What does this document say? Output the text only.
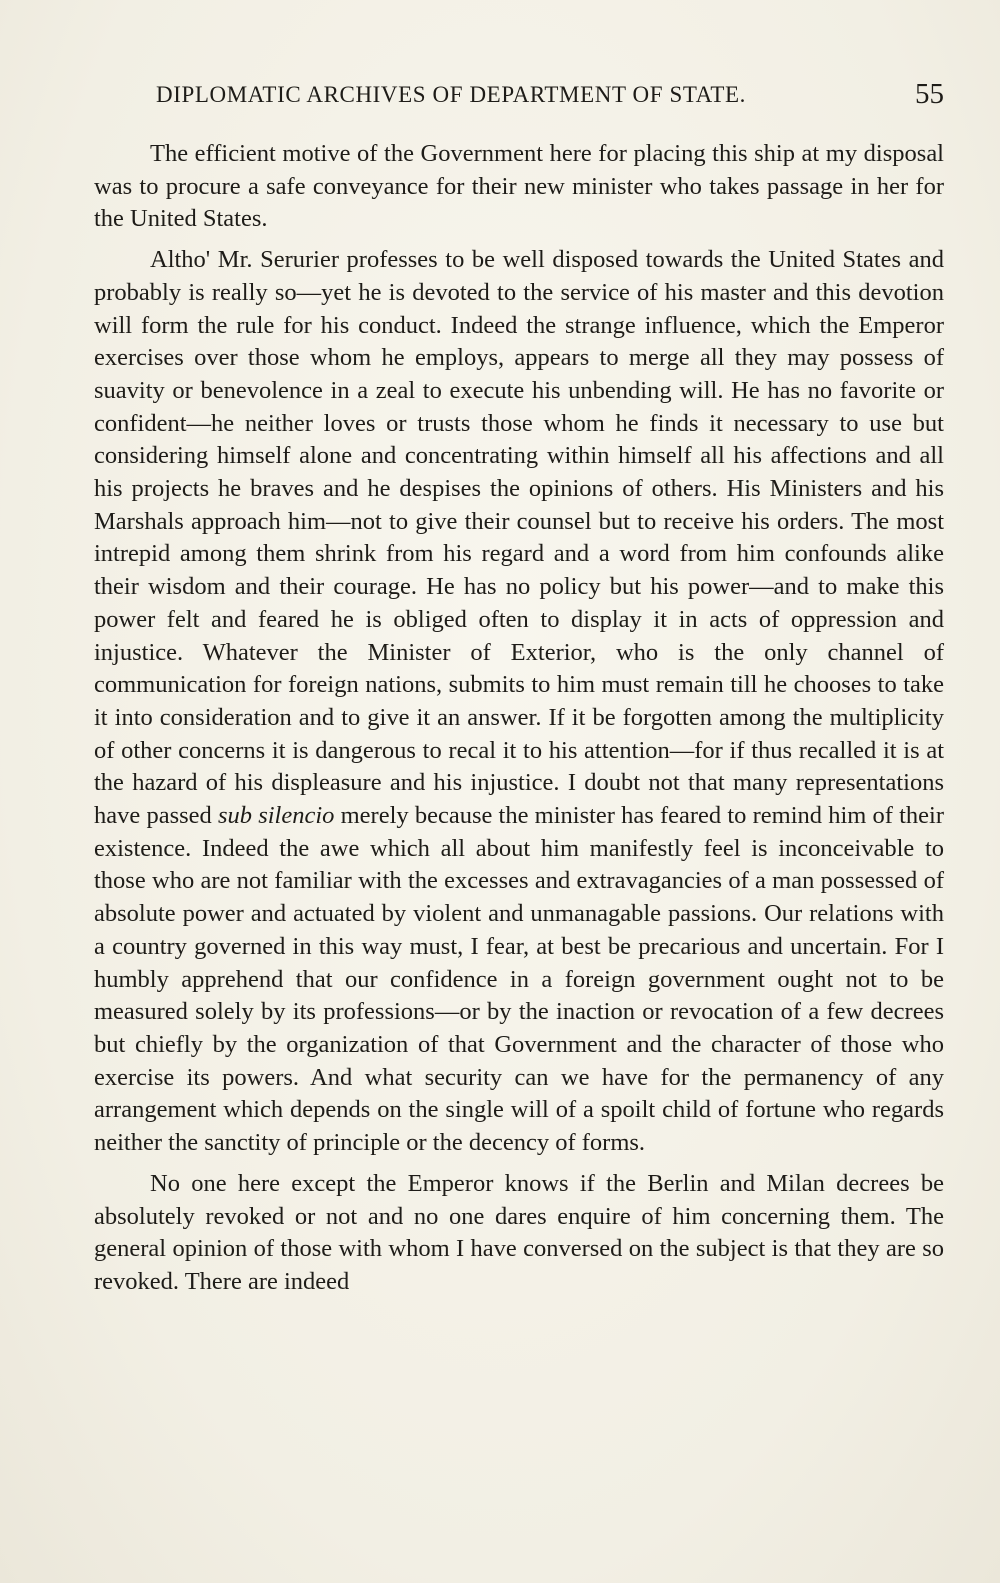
DIPLOMATIC ARCHIVES OF DEPARTMENT OF STATE.	55

The efficient motive of the Government here for placing this ship at my disposal was to procure a safe conveyance for their new minister who takes passage in her for the United States.

Altho' Mr. Serurier professes to be well disposed towards the United States and probably is really so—yet he is devoted to the service of his master and this devotion will form the rule for his conduct. Indeed the strange influence, which the Emperor exercises over those whom he employs, appears to merge all they may possess of suavity or benevolence in a zeal to execute his unbending will. He has no favorite or confident—he neither loves or trusts those whom he finds it necessary to use but considering himself alone and concentrating within himself all his affections and all his projects he braves and he despises the opinions of others. His Ministers and his Marshals approach him—not to give their counsel but to receive his orders. The most intrepid among them shrink from his regard and a word from him confounds alike their wisdom and their courage. He has no policy but his power—and to make this power felt and feared he is obliged often to display it in acts of oppression and injustice. Whatever the Minister of Exterior, who is the only channel of communication for foreign nations, submits to him must remain till he chooses to take it into consideration and to give it an answer. If it be forgotten among the multiplicity of other concerns it is dangerous to recal it to his attention—for if thus recalled it is at the hazard of his displeasure and his injustice. I doubt not that many representations have passed sub silencio merely because the minister has feared to remind him of their existence. Indeed the awe which all about him manifestly feel is inconceivable to those who are not familiar with the excesses and extravagancies of a man possessed of absolute power and actuated by violent and unmanagable passions. Our relations with a country governed in this way must, I fear, at best be precarious and uncertain. For I humbly apprehend that our confidence in a foreign government ought not to be measured solely by its professions—or by the inaction or revocation of a few decrees but chiefly by the organization of that Government and the character of those who exercise its powers. And what security can we have for the permanency of any arrangement which depends on the single will of a spoilt child of fortune who regards neither the sanctity of principle or the decency of forms.

No one here except the Emperor knows if the Berlin and Milan decrees be absolutely revoked or not and no one dares enquire of him concerning them. The general opinion of those with whom I have conversed on the subject is that they are so revoked. There are indeed
